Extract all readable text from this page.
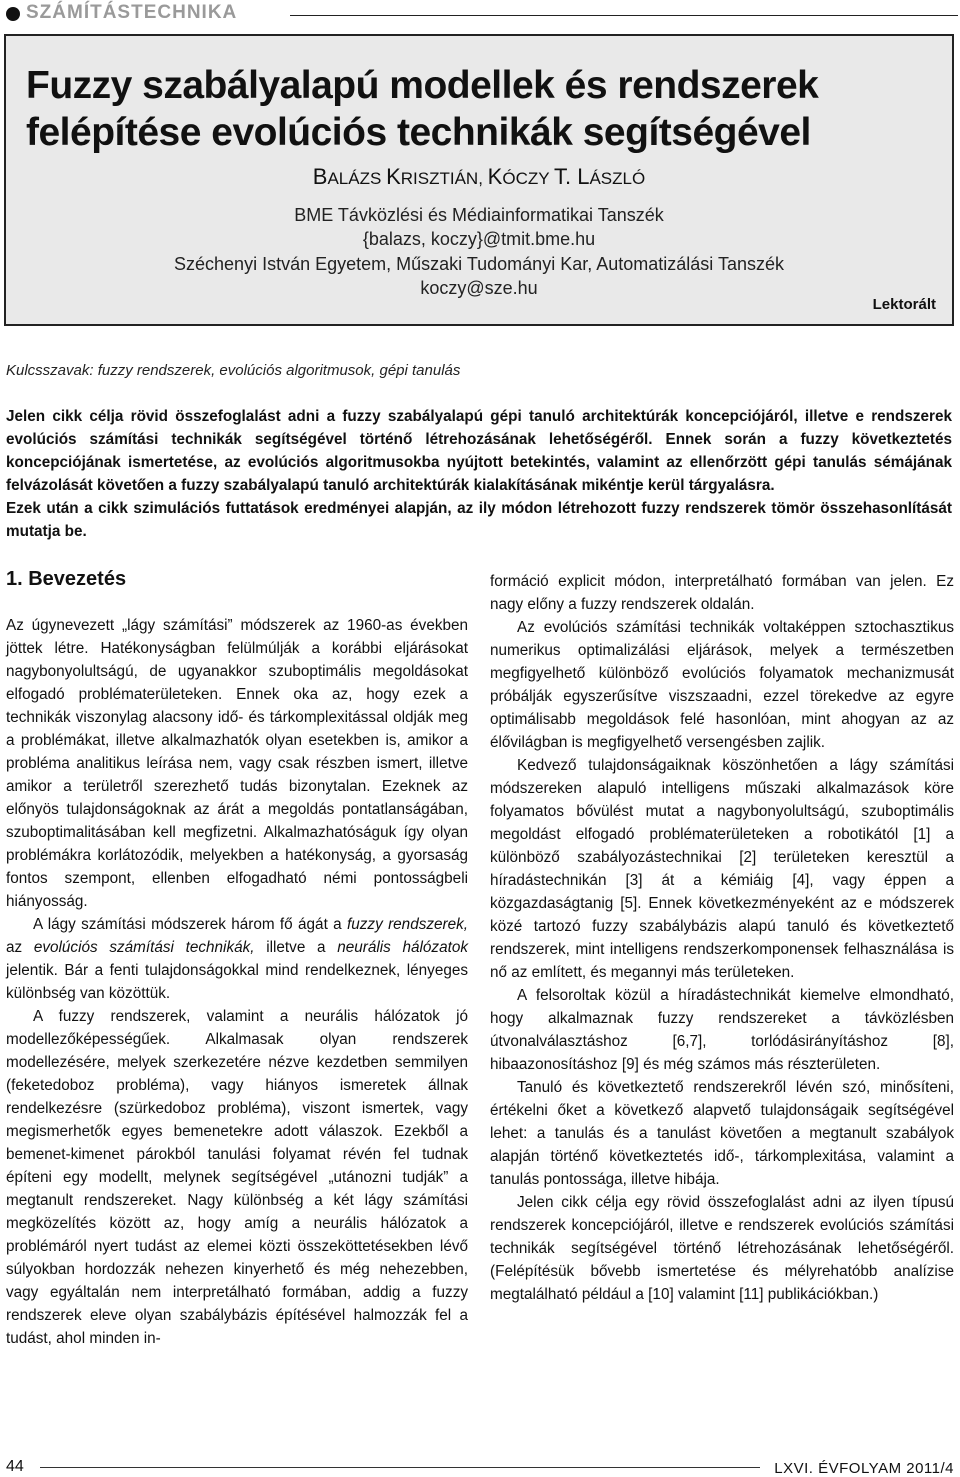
SZÁMÍTÁSTECHNIKA
Fuzzy szabályalapú modellek és rendszerek
felépítése evolúciós technikák segítségével
BALÁZS KRISZTIÁN, KÓCZY T. LÁSZLÓ
BME Távközlési és Médiainformatikai Tanszék
{balazs, koczy}@tmit.bme.hu
Széchenyi István Egyetem, Műszaki Tudományi Kar, Automatizálási Tanszék
koczy@sze.hu
Lektorált
Kulcsszavak: fuzzy rendszerek, evolúciós algoritmusok, gépi tanulás

Jelen cikk célja rövid összefoglalást adni a fuzzy szabályalapú gépi tanuló architektúrák koncepciójáról, illetve e rendszerek evolúciós számítási technikák segítségével történő létrehozásának lehetőségéről. Ennek során a fuzzy következtetés koncepciójának ismertetése, az evolúciós algoritmusokba nyújtott betekintés, valamint az ellenőrzött gépi tanulás sémájának felvázolását követően a fuzzy szabályalapú tanuló architektúrák kialakításának mikéntje kerül tárgyalásra.

Ezek után a cikk szimulációs futtatások eredményei alapján, az ily módon létrehozott fuzzy rendszerek tömör összehasonlítását mutatja be.

1. Bevezetés

Az úgynevezett „lágy számítási” módszerek az 1960-as években jöttek létre. Hatékonyságban felülmúlják a korábbi eljárásokat nagybonyolultságú, de ugyanakkor szuboptimális megoldásokat elfogadó problématerületeken. Ennek oka az, hogy ezek a technikák viszonylag alacsony idő- és tárkomplexitással oldják meg a problémákat, illetve alkalmazhatók olyan esetekben is, amikor a probléma analitikus leírása nem, vagy csak részben ismert, illetve amikor a területről szerezhető tudás bizonytalan. Ezeknek az előnyös tulajdonságoknak az árát a megoldás pontatlanságában, szuboptimalitásában kell megfizetni. Alkalmazhatóságuk így olyan problémákra korlátozódik, melyekben a hatékonyság, a gyorsaság fontos szempont, ellenben elfogadható némi pontosságbeli hiányosság.

A lágy számítási módszerek három fő ágát a fuzzy rendszerek, az evolúciós számítási technikák, illetve a neurális hálózatok jelentik. Bár a fenti tulajdonságokkal mind rendelkeznek, lényeges különbség van közöttük.

A fuzzy rendszerek, valamint a neurális hálózatok jó modellezőképességűek. Alkalmasak olyan rendszerek modellezésére, melyek szerkezetére nézve kezdetben semmilyen (feketedoboz probléma), vagy hiányos ismeretek állnak rendelkezésre (szürkedoboz probléma), viszont ismertek, vagy megismerhetők egyes bemenetekre adott válaszok. Ezekből a bemenet-kimenet párokból tanulási folyamat révén fel tudnak építeni egy modellt, melynek segítségével „utánozni tudják” a megtanult rendszereket. Nagy különbség a két lágy számítási megközelítés között az, hogy amíg a neurális hálózatok a problémáról nyert tudást az elemei közti összeköttetésekben lévő súlyokban hordozzák nehezen kinyerhető és még nehezebben, vagy egyáltalán nem interpretálható formában, addig a fuzzy rendszerek eleve olyan szabálybázis építésével halmozzák fel a tudást, ahol minden in-

formáció explicit módon, interpretálható formában van jelen. Ez nagy előny a fuzzy rendszerek oldalán.

Az evolúciós számítási technikák voltaképpen sztochasztikus numerikus optimalizálási eljárások, melyek a természetben megfigyelhető különböző evolúciós folyamatok mechanizmusát próbálják egyszerűsítve viszszaadni, ezzel törekedve az egyre optimálisabb megoldások felé hasonlóan, mint ahogyan az az élővilágban is megfigyelhető versengésben zajlik.

Kedvező tulajdonságaiknak köszönhetően a lágy számítási módszereken alapuló intelligens műszaki alkalmazások köre folyamatos bővülést mutat a nagybonyolultságú, szuboptimális megoldást elfogadó problématerületeken a robotikától [1] a különböző szabályozástechnikai [2] területeken keresztül a híradástechnikán [3] át a kémiáig [4], vagy éppen a közgazdaságtanig [5]. Ennek következményeként az e módszerek közé tartozó fuzzy szabálybázis alapú tanuló és következtető rendszerek, mint intelligens rendszerkomponensek felhasználása is nő az említett, és megannyi más területeken.

A felsoroltak közül a híradástechnikát kiemelve elmondható, hogy alkalmaznak fuzzy rendszereket a távközlésben útvonalválasztáshoz [6,7], torlódásirányításhoz [8], hibaazonosításhoz [9] és még számos más részterületen.

Tanuló és következtető rendszerekről lévén szó, minősíteni, értékelni őket a következő alapvető tulajdonságaik segítségével lehet: a tanulás és a tanulást követően a megtanult szabályok alapján történő következtetés idő-, tárkomplexitása, valamint a tanulás pontossága, illetve hibája.

Jelen cikk célja egy rövid összefoglalást adni az ilyen típusú rendszerek koncepciójáról, illetve e rendszerek evolúciós számítási technikák segítségével történő létrehozásának lehetőségéről. (Felépítésük bővebb ismertetése és mélyrehatóbb analízise megtalálható például a [10] valamint [11] publikációkban.)

44	LXVI. ÉVFOLYAM 2011/4
